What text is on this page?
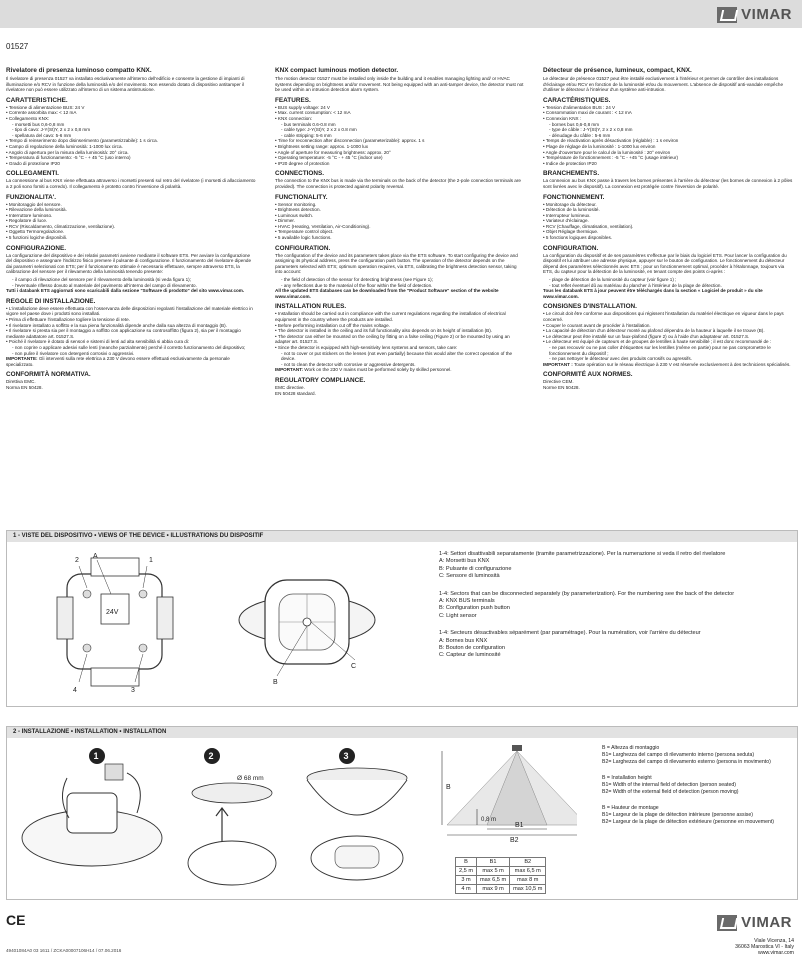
VIMAR
01527
Rivelatore di presenza luminoso compatto KNX.

Il rivelatore di presenza 01527 va installato esclusivamente all'interno dell'edificio e consente la gestione di impianti di illuminazione e/o RCV in funzione della luminosità e/o del movimento. Non essendo dotato di dispositivo antitamper il rivelatore non può essere utilizzato all'interno di un sistema antintrusione.

CARATTERISTICHE.
• Tensione di alimentazione BUS: 24 V
• Corrente assorbita max: < 12 mA
• Collegamento KNX:
- morsetti bus 0,6-0,8 mm
- tipo di cavo: J-Y(St)Y, 2 x 2 x 0,8 mm
- spellatura del cavo: 5-6 mm
• Tempo di reinserimento dopo disinserimento (parametrizzabile): 1 s circa.
• Campo di regolazione della luminosità: 1-1000 lux circa.
• Angolo di apertura per la misura della luminosità: 20° circa.
• Temperatura di funzionamento: -5 °C - + 45 °C (uso interno)
• Grado di protezione IP20
COLLEGAMENTI.

La connessione al bus KNX viene effettuata attraverso i morsetti presenti sul retro del rivelatore (i morsetti di allacciamento a 2 poli sono forniti a corredo). Il collegamento è protetto contro l'inversione di polarità.

FUNZIONALITA'.
• Monitoraggio del sensore.
• Rilevazione della luminosità.
• Interruttore luminoso.
• Regolatore di luce.
• RCV (Riscaldamento, climatizzazione, ventilazione).
• Oggetto Termoregolazione.
• 5 funzioni logiche disponibili.
CONFIGURAZIONE.

La configurazione del dispositivo e dei relativi parametri avviene mediante il software ETS. Per avviare la configurazione del dispositivo e assegnare l'indirizzo fisico premere il pulsante di configurazione. Il funzionamento del rivelatore dipende dai parametri selezionati con ETS; per il funzionamento ottimale è necessario effettuare, sempre attraverso ETS, la calibrazione del sensore per il rilevamento della luminosità tenendo presente:

- il campo di rilevazione del sensore per il rilevamento della luminosità (si veda figura 1);
- l'eventuale riflesso dovuto al materiale del pavimento all'interno del campo di rilevamento.

Tutti i databank ETS aggiornati sono scaricabili dalla sezione "Software di prodotto" del sito www.vimar.com.

REGOLE DI INSTALLAZIONE.
• L'installazione deve essere effettuata con l'osservanza delle disposizioni regolanti l'installazione del materiale elettrico in vigore nel paese dove i prodotti sono installati.
• Prima di effettuare l'installazione togliere la tensione di rete.
• Il rivelatore installato a soffitto e la sua piena funzionalità dipende anche dalla sua altezza di montaggio (B).
• Il rivelatore si presta sia per il montaggio a soffitto con applicazione su controsoffitto (figura 2), sia per il montaggio mediante adattatore art. 01527.S.
• Poiché il rivelatore è dotato di sensori e sistemi di lenti ad alta sensibilità si abbia cura di:
- non coprire o applicare adesivi sulle lenti (neanche parzialmente) perché il corretto funzionamento del dispositivo;
- non pulire il rivelatore con detergenti corrosivi o aggressivi.

IMPORTANTE: Gli interventi sulla rete elettrica a 230 V devono essere effettuati esclusivamente da personale specializzato.

CONFORMITÀ NORMATIVA.
Direttiva EMC.
Norma EN 50428.
KNX compact luminous motion detector.

The motion detector 01527 must be installed only inside the building and it enables managing lighting and/ or HVAC systems depending on brightness and/or movement. Not being equipped with an anti-tamper device, the detector must not be used within an intrusion detection alarm system.

FEATURES.
• BUS supply voltage: 24 V
• Max. current consumption: < 12 mA
• KNX connection:
- bus terminals 0.6-0.8 mm
- cable type: J-Y(St)Y, 2 x 2 x 0.8 mm
- cable stripping: 5-6 mm
• Time for reconnection after disconnection (parameterizable): approx. 1 s
• Brightness setting range: approx. 1-1000 lux
• Angle of aperture for measuring brightness: approx. 20°
• Operating temperature: -5 °C - + 45 °C (indoor use)
• IP20 degree of protection
CONNECTIONS.

The connection to the KNX bus is made via the terminals on the back of the detector (the 2-pole connection terminals are provided). The connection is protected against polarity reversal.

FUNCTIONALITY.
• Sensor monitoring.
• Brightness detection.
• Luminous switch.
• Dimmer.
• HVAC (Heating, Ventilation, Air-Conditioning).
• Temperature control object.
• 5 available logic functions.
CONFIGURATION.

The configuration of the device and its parameters takes place via the ETS software. To start configuring the device and assigning its physical address, press the configuration push button. The operation of the detector depends on the parameters selected with ETS; optimum operation requires, via ETS, calibrating the brightness detection sensor, taking into account:

- the field of detection of the sensor for detecting brightness (see Figure 1);
- any reflections due to the material of the floor within the field of detection.

All the updated ETS databases can be downloaded from the "Product Software" section of the website www.vimar.com.

INSTALLATION RULES.
• Installation should be carried out in compliance with the current regulations regarding the installation of electrical equipment in the country where the products are installed.
• Before performing installation cut off the mains voltage.
• The detector is installed in the ceiling and its full functionality also depends on its height of installation (B).
• The detector can either be mounted on the ceiling by fitting on a false ceiling (Figure 2) or be mounted by using an adapter art. 01527.S.
• Since the detector is equipped with high-sensitivity lens systems and sensors, take care:
- not to cover or put stickers on the lenses (not even partially) because this would alter the correct operation of the device.
- not to clean the detector with corrosive or aggressive detergents.

IMPORTANT: Work on the 230 V mains must be performed solely by skilled personnel.

REGULATORY COMPLIANCE.
EMC directive.
EN 50428 standard.
Détecteur de présence, lumineux, compact, KNX.

Le détecteur de présence 01527 peut être installé exclusivement à l'intérieur et permet de contrôler des installations d'éclairage et/ou RCV en fonction de la luminosité et/ou du mouvement. L'absence de dispositif anti-vandale empêche d'utiliser le détecteur à l'intérieur d'un système anti-intrusion.

CARACTÉRISTIQUES.
• Tension d'alimentation BUS : 24 V
• Consommation maxi de courant : < 12 mA
• Connexion KNX :
- bornes bus 0,6-0,8 mm
- type de câble : J-Y(St)Y, 2 x 2 x 0,8 mm
- dénudage du câble : 5-6 mm
• Temps de réactivation après désactivation (réglable) : 1 s environ
• Plage de réglage de la luminosité : 1-1000 lux environ
• Angle d'ouverture pour le calcul de la luminosité : 20° environ
• Température de fonctionnement : -5 °C - +45 °C (usage intérieur)
• Indice de protection IP20
BRANCHEMENTS.

La connexion au bus KNX passe à travers les bornes présentes à l'arrière du détecteur (les bornes de connexion à 2 pôles sont livrées avec le dispositif). La connexion est protégée contre l'inversion de polarité.

FONCTIONNEMENT.
• Monitorage du détecteur.
• Détection de la luminosité.
• Interrupteur lumineux.
• Variateur d'éclairage.
• RCV (Chauffage, climatisation, ventilation).
• Objet Réglage thermique.
• 5 fonctions logiques disponibles.
CONFIGURATION.

La configuration du dispositif et de ses paramètres s'effectue par le biais du logiciel ETS. Pour lancer la configuration du dispositif et lui attribuer une adresse physique, appuyer sur le bouton de configuration. Le fonctionnement du détecteur dépend des paramètres sélectionnés avec ETS ; pour un fonctionnement optimal, procéder à l'étalonnage, toujours via ETS, du capteur pour la détection de la luminosité, en tenant compte des points ci-après :

- plage de détection de la luminosité du capteur (voir figure 1) ;
- tout reflet éventuel dû au matériau du plancher à l'intérieur de la plage de détection.

Tous les databank ETS à jour peuvent être téléchargés dans la section « Logiciel de produit » du site www.vimar.com.

CONSIGNES D'INSTALLATION.
• Le circuit doit être conforme aux dispositions qui régissent l'installation du matériel électrique en vigueur dans le pays concerné.
• Couper le courant avant de procéder à l'installation.
• La capacité de détection d'un détecteur monté au plafond dépendra de la hauteur à laquelle il se trouve (B).
• Le détecteur peut être installé sur un faux-plafond (figure 2) ou à l'aide d'un adaptateur art. 01527.S.
• Le détecteur est équipé de capteurs et de groupes de lentilles à haute sensibilité ; il est donc recommandé de :
- ne pas recouvrir ou ne pas coller d'étiquettes sur les lentilles (même en partie) pour ne pas compromettre le fonctionnement du dispositif ;
- ne pas nettoyer le détecteur avec des produits corrosifs ou agressifs.

IMPORTANT : Toute opération sur le réseau électrique à 230 V est réservée exclusivement à des techniciens spécialisés.

CONFORMITÉ AUX NORMES.
Directive CEM.
Norme EN 50428.
1 - VISTE DEL DISPOSITIVO • VIEWS OF THE DEVICE • ILLUSTRATIONS DU DISPOSITIF
A
2	1
4	3
24V
B
C

1-4: Settori disattivabili separatamente (tramite parametrizzazione). Per la numerazione si veda il retro del rivelatore

A: Morsetti bus KNX

B: Pulsante di configurazione

C: Sensore di luminosità

1-4: Sectors that can be disconnected separately (by parameterization). For the numbering see the back of the detector

A: KNX BUS terminals

B: Configuration push button

C: Light sensor

1-4: Secteurs désactivables séparément (par paramétrage). Pour la numération, voir l'arrière du détecteur

A: Bornes bus KNX

B: Bouton de configuration

C: Capteur de luminosité

2 - INSTALLAZIONE • INSTALLATION • INSTALLATION
1	2
Ø 68 mm
3
B
0,8 m
B1
B2
B	B1	B2
2,5 m	max 5 m	max 6,5 m
3 m	max 6,5 m	max 8 m
4 m	max 9 m	max 10,5 m

B = Altezza di montaggio

B1= Larghezza del campo di rilevamento interno (persona seduta)

B2= Larghezza del campo di rilevamento esterno (persona in movimento)

B = Installation height

B1= Width of the internal field of detection (person seated)

B2= Width of the external field of detection (person moving)

B = Hauteur de montage

B1= Largeur de la plage de détection intérieure (personne assise)

B2= Largeur de la plage de détection extérieure (personne en mouvement)

CE
49401084A0 03 1611 / ZCKA00007106H14 / 07.06.2016
VIMAR
Viale Vicenza, 14
36063 Marostica VI - Italy
www.vimar.com
